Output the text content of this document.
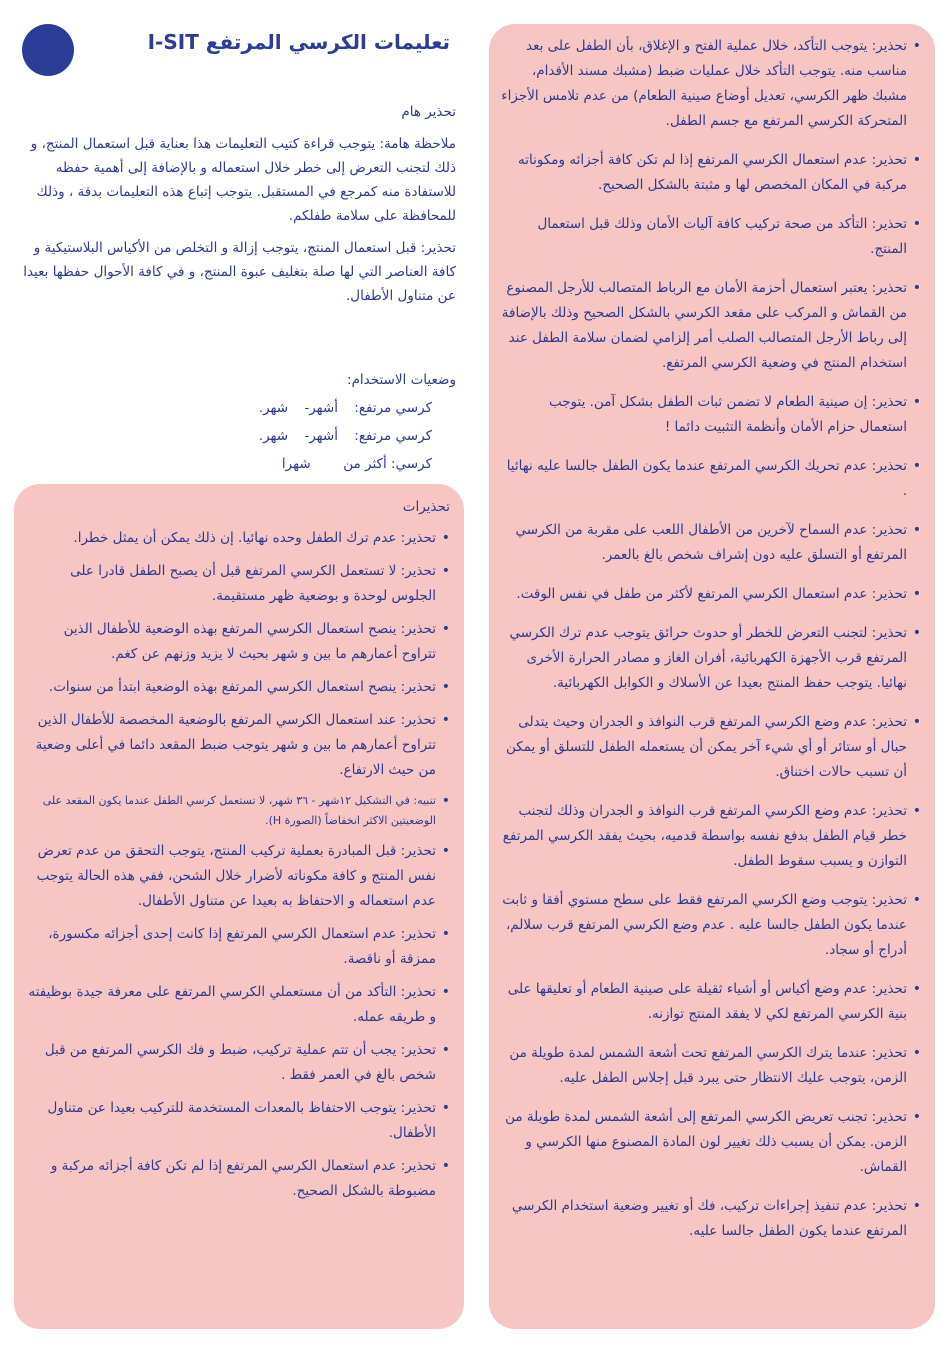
تعليمات الكرسي المرتفع I-SIT

تحذير هام

ملاحظة هامة: يتوجب قراءة كتيب التعليمات هذا بعناية قبل استعمال المنتج، و ذلك لتجنب التعرض إلى خطر خلال استعماله و بالإضافة إلى أهمية حفظه للاستفادة منه كمرجع في المستقبل. يتوجب إتباع هذه التعليمات بدقة ، وذلك للمحافظة على سلامة طفلكم.

تحذير: قبل استعمال المنتج، يتوجب إزالة و التخلص من الأكياس البلاستيكية و كافة العناصر التي لها صلة بتغليف عبوة المنتج، و في كافة الأحوال حفظها بعيدا عن متناول الأطفال.

وضعيات الاستخدام:
كرسي مرتفع: أشهر- شهر.
كرسي مرتفع: أشهر- شهر.
كرسي: أكثر من  شهرا
• تحذير: يتوجب التأكد، خلال عملية الفتح و الإغلاق، بأن الطفل على بعد مناسب منه. يتوجب التأكد خلال عمليات ضبط (مشبك مسند الأقدام، مشبك ظهر الكرسي، تعديل أوضاع صينية الطعام) من عدم تلامس الأجزاء المتحركة الكرسي المرتفع مع جسم الطفل.
• تحذير: عدم استعمال الكرسي المرتفع إذا لم تكن كافة أجزائه ومكوناته مركبة في المكان المخصص لها و مثبتة بالشكل الصحيح.
• تحذير: التأكد من صحة تركيب كافة آليات الأمان وذلك قبل استعمال المنتج.
• تحذير: يعتبر استعمال أحزمة الأمان مع الرباط المتصالب للأرجل المصنوع من القماش و المركب على مقعد الكرسي بالشكل الصحيح وذلك بالإضافة إلى رباط الأرجل المتصالب الصلب أمر إلزامي لضمان سلامة الطفل عند استخدام المنتج في وضعية الكرسي المرتفع.
• تحذير: إن صينية الطعام لا تضمن ثبات الطفل بشكل آمن. يتوجب استعمال حزام الأمان وأنظمة التثبيت دائما !
• تحذير: عدم تحريك الكرسي المرتفع عندما يكون الطفل جالسا عليه نهائيا .
• تحذير: عدم السماح لآخرين من الأطفال اللعب على مقربة من الكرسي المرتفع أو التسلق عليه دون إشراف شخص بالغ بالعمر.
• تحذير: عدم استعمال الكرسي المرتفع لأكثر من طفل في نفس الوقت.
• تحذير: لتجنب التعرض للخطر أو حدوث حرائق يتوجب عدم ترك الكرسي المرتفع قرب الأجهزة الكهربائية، أفران الغاز و مصادر الحرارة الأخرى نهائيا. يتوجب حفظ المنتج بعيدا عن الأسلاك و الكوابل الكهربائية.
• تحذير: عدم وضع الكرسي المرتفع قرب النوافذ و الجدران وحيث يتدلى حبال أو ستائر أو أي شيء آخر يمكن أن يستعمله الطفل للتسلق أو يمكن أن تسبب حالات اختناق.
• تحذير: عدم وضع الكرسي المرتفع قرب النوافذ و الجدران وذلك لتجنب خطر قيام الطفل بدفع نفسه بواسطة قدميه، بحيث يفقد الكرسي المرتفع التوازن و يسبب سقوط الطفل.
• تحذير: يتوجب وضع الكرسي المرتفع فقط على سطح مستوي أفقا و ثابت عندما يكون الطفل جالسا عليه . عدم وضع الكرسي المرتفع قرب سلالم، أدراج أو سجاد.
• تحذير: عدم وضع أكياس أو أشياء ثقيلة على صينية الطعام أو تعليقها على بنية الكرسي المرتفع لكي لا يفقد المنتج توازنه.
• تحذير: عندما يترك الكرسي المرتفع تحت أشعة الشمس لمدة طويلة من الزمن، يتوجب عليك الانتظار حتى يبرد قبل إجلاس الطفل عليه.
• تحذير: تجنب تعريض الكرسي المرتفع إلى أشعة الشمس لمدة طويلة من الزمن. يمكن أن يسبب ذلك تغيير لون المادة المصنوع منها الكرسي و القماش.
• تحذير: عدم تنفيذ إجراءات تركيب، فك أو تغيير وضعية استخدام الكرسي المرتفع عندما يكون الطفل جالسا عليه.
تحذيرات
• تحذير: عدم ترك الطفل وحده نهائيا. إن ذلك يمكن أن يمثل خطرا.
• تحذير: لا تستعمل الكرسي المرتفع قبل أن يصبح الطفل قادرا على الجلوس لوحدة و بوضعية ظهر مستقيمة.
• تحذير: ينصح استعمال الكرسي المرتفع بهذه الوضعية للأطفال الذين تتراوح أعمارهم ما بين و شهر بحيث لا يزيد وزنهم عن كغم.
• تحذير: ينصح استعمال الكرسي المرتفع بهذه الوضعية ابتدأ من سنوات.
• تحذير: عند استعمال الكرسي المرتفع بالوضعية المخصصة للأطفال الذين تتراوح أعمارهم ما بين و شهر يتوجب ضبط المقعد دائما في أعلى وضعية من حيث الارتفاع.
• تنبيه: في التشكيل ١٢شهر - ٣٦ شهر، لا تستعمل كرسي الطفل عندما يكون المقعد على الوضعيتين الاكثر انخفاضاً (الصورة H).
• تحذير: قبل المبادرة بعملية تركيب المنتج، يتوجب التحقق من عدم تعرض نفس المنتج و كافة مكوناته لأضرار خلال الشحن، ففي هذه الحالة يتوجب عدم استعماله و الاحتفاظ به بعيدا عن متناول الأطفال.
• تحذير: عدم استعمال الكرسي المرتفع إذا كانت إحدى أجزائه مكسورة، ممزقة أو ناقصة.
• تحذير: التأكد من أن مستعملي الكرسي المرتفع على معرفة جيدة بوظيفته و طريقه عمله.
• تحذير: يجب أن تتم عملية تركيب، ضبط و فك الكرسي المرتفع من قبل شخص بالغ في العمر فقط .
• تحذير: يتوجب الاحتفاظ بالمعدات المستخدمة للتركيب بعيدا عن متناول الأطفال.
• تحذير: عدم استعمال الكرسي المرتفع إذا لم تكن كافة أجزائه مركبة و مضبوطة بالشكل الصحيح.
